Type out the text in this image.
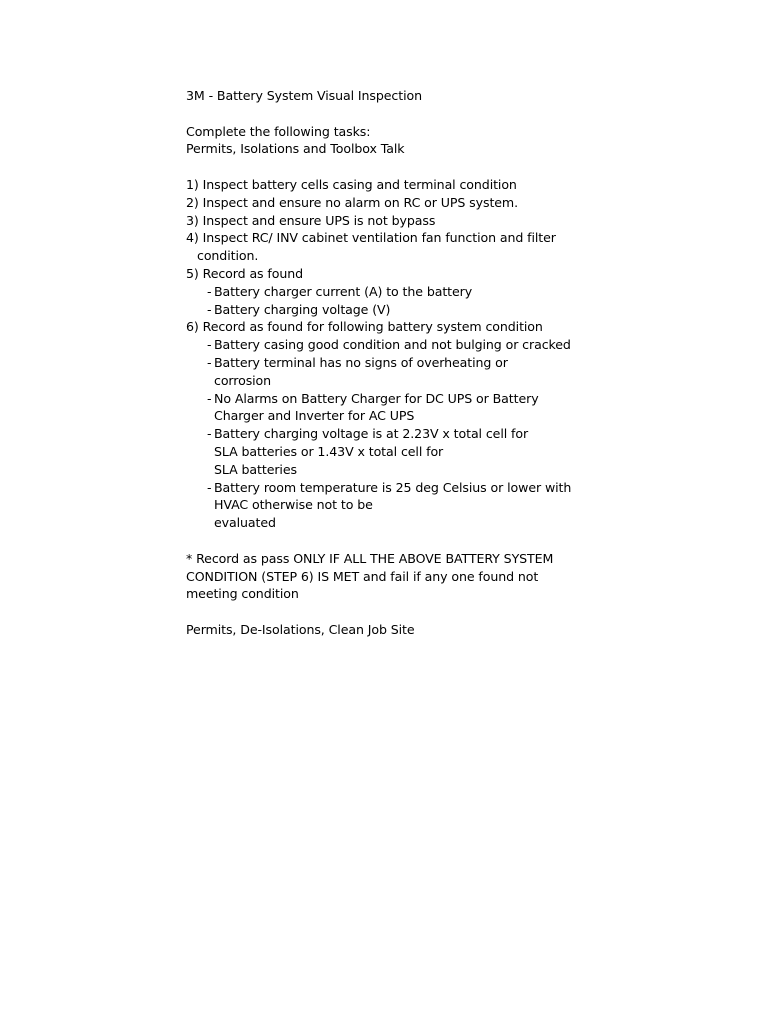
3M - Battery System Visual Inspection
Complete the following tasks:
Permits, Isolations and Toolbox Talk
1) Inspect battery cells casing and terminal condition
2) Inspect and ensure no alarm on RC or UPS system.
3) Inspect and ensure UPS is not bypass
4) Inspect RC/ INV cabinet ventilation fan function and filter
condition.
5) Record as found
- Battery charger current (A) to the battery
- Battery charging voltage (V)
6) Record as found for following battery system condition
- Battery casing good condition and not bulging or cracked
- Battery terminal has no signs of overheating or
corrosion
- No Alarms on Battery Charger for DC UPS or Battery
Charger and Inverter for AC UPS
- Battery charging voltage is at 2.23V x total cell for
SLA batteries or 1.43V x total cell for
SLA batteries
- Battery room temperature is 25 deg Celsius or lower with
HVAC otherwise not to be
evaluated
* Record as pass ONLY IF ALL THE ABOVE BATTERY SYSTEM
CONDITION (STEP 6) IS MET and fail if any one found not
meeting condition
Permits, De-Isolations, Clean Job Site
